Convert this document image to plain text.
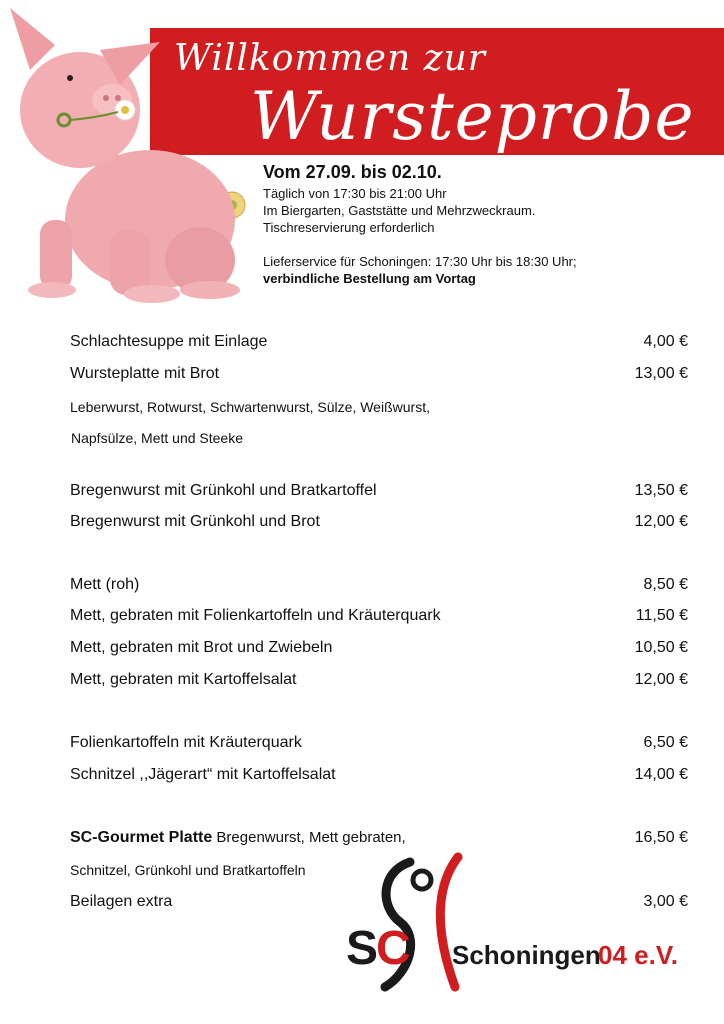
Willkommen zur
Wursteprobe
Vom 27.09. bis 02.10.
Täglich von 17:30 bis 21:00 Uhr
Im Biergarten, Gaststätte und Mehrzweckraum.
Tischreservierung erforderlich
Lieferservice für Schoningen: 17:30 Uhr bis 18:30 Uhr;
verbindliche Bestellung am Vortag
Schlachtesuppe mit Einlage	4,00 €
Wursteplatte mit Brot	13,00 €
Leberwurst, Rotwurst, Schwartenwurst, Sülze, Weißwurst,
Napfsülze, Mett und Steeke
Bregenwurst mit Grünkohl und Bratkartoffel	13,50 €
Bregenwurst mit Grünkohl und Brot	12,00 €
Mett (roh)	8,50 €
Mett, gebraten mit Folienkartoffeln und Kräuterquark	11,50 €
Mett, gebraten mit Brot und Zwiebeln	10,50 €
Mett, gebraten mit Kartoffelsalat	12,00 €
Folienkartoffeln mit Kräuterquark	6,50 €
Schnitzel ,,Jägerart“ mit Kartoffelsalat	14,00 €
SC-Gourmet Platte Bregenwurst, Mett gebraten,	16,50 €
Schnitzel, Grünkohl und Bratkartoffeln
Beilagen extra	3,00 €
S
C Schoningen
04 e.V.
